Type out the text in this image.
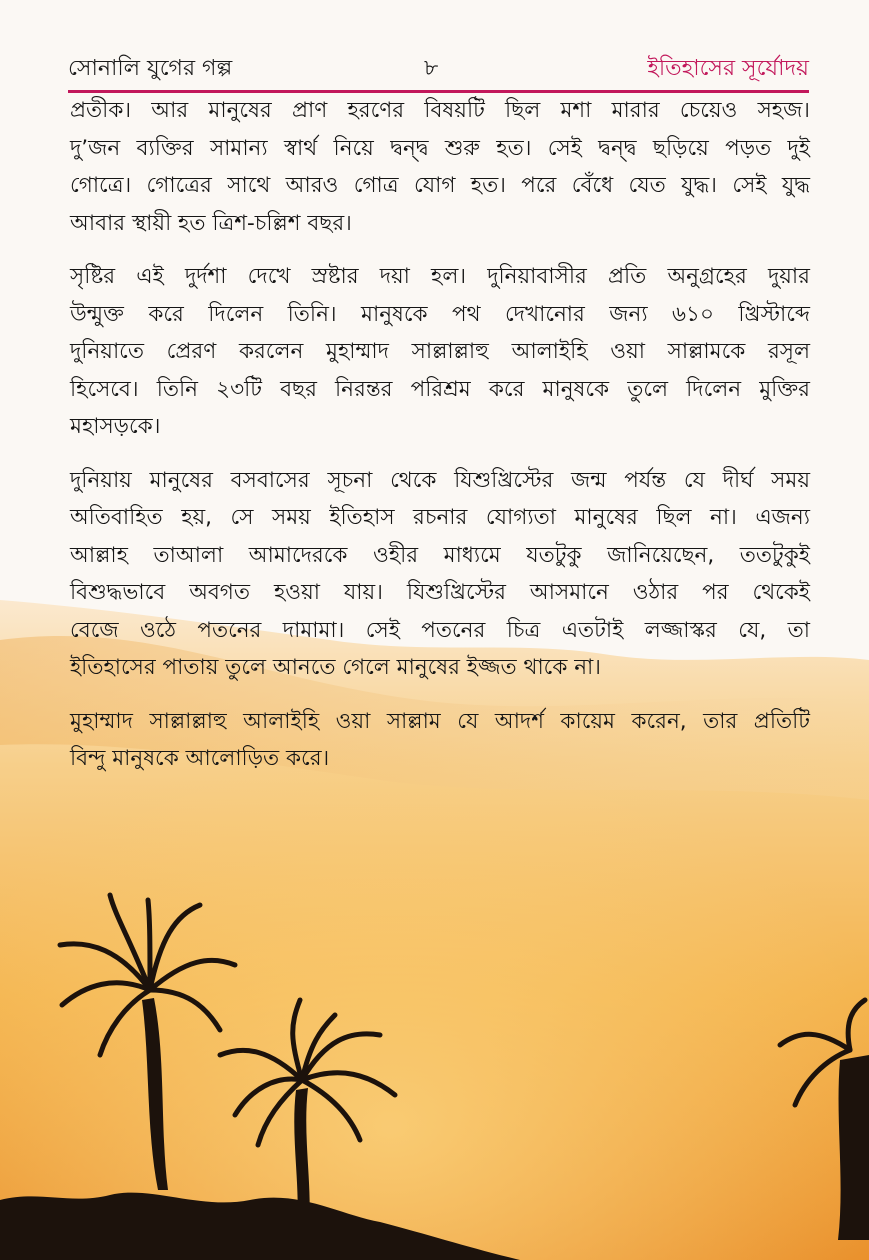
সোনালি যুগের গল্প	৮	ইতিহাসের সূর্যোদয়

প্রতীক। আর মানুষের প্রাণ হরণের বিষয়টি ছিল মশা মারার চেয়েও সহজ।
দু’জন ব্যক্তির সামান্য স্বার্থ নিয়ে দ্বন্দ্ব শুরু হত। সেই দ্বন্দ্ব ছড়িয়ে পড়ত দুই
গোত্রে। গোত্রের সাথে আরও গোত্র যোগ হত। পরে বেঁধে যেত যুদ্ধ। সেই যুদ্ধ
আবার স্থায়ী হত ত্রিশ-চল্লিশ বছর।

সৃষ্টির এই দুর্দশা দেখে স্রষ্টার দয়া হল। দুনিয়াবাসীর প্রতি অনুগ্রহের দুয়ার
উন্মুক্ত করে দিলেন তিনি। মানুষকে পথ দেখানোর জন্য ৬১০ খ্রিস্টাব্দে
দুনিয়াতে প্রেরণ করলেন মুহাম্মাদ সাল্লাল্লাহু আলাইহি ওয়া সাল্লামকে রসূল
হিসেবে। তিনি ২৩টি বছর নিরন্তর পরিশ্রম করে মানুষকে তুলে দিলেন মুক্তির
মহাসড়কে।

দুনিয়ায় মানুষের বসবাসের সূচনা থেকে যিশুখ্রিস্টের জন্ম পর্যন্ত যে দীর্ঘ সময়
অতিবাহিত হয়, সে সময় ইতিহাস রচনার যোগ্যতা মানুষের ছিল না। এজন্য
আল্লাহ তাআলা আমাদেরকে ওহীর মাধ্যমে যতটুকু জানিয়েছেন, ততটুকুই
বিশুদ্ধভাবে অবগত হওয়া যায়। যিশুখ্রিস্টের আসমানে ওঠার পর থেকেই
বেজে ওঠে পতনের দামামা। সেই পতনের চিত্র এতটাই লজ্জাস্কর যে, তা
ইতিহাসের পাতায় তুলে আনতে গেলে মানুষের ইজ্জত থাকে না।

মুহাম্মাদ সাল্লাল্লাহু আলাইহি ওয়া সাল্লাম যে আদর্শ কায়েম করেন, তার প্রতিটি
বিন্দু মানুষকে আলোড়িত করে।
